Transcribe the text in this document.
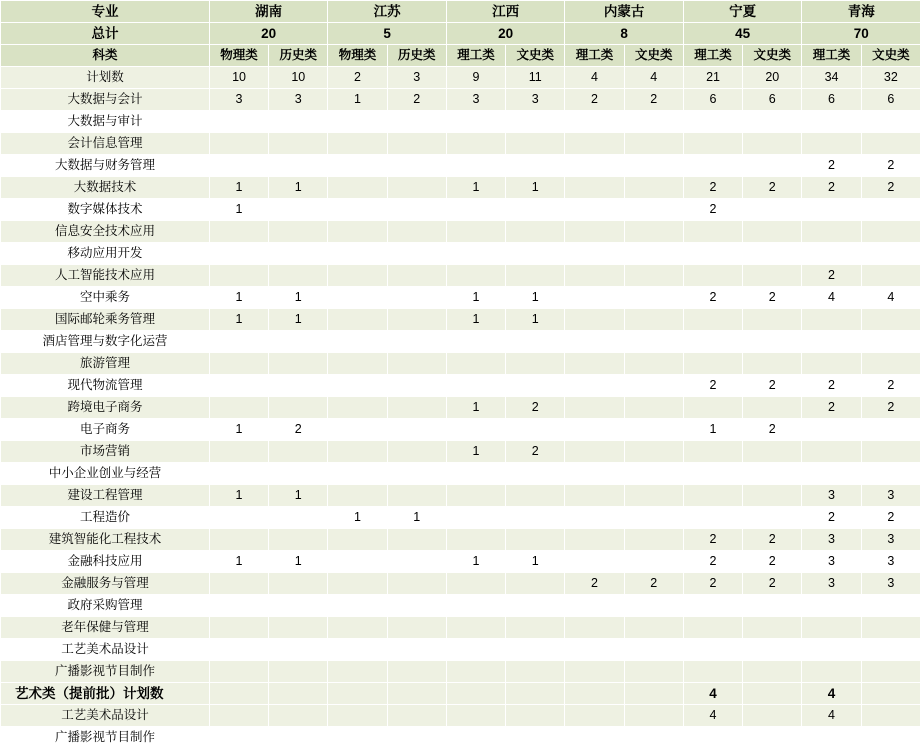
专业	湖南		江苏		江西		内蒙古		宁夏		青海	
总计	20		5		20		8		45		70	
科类	物理类	历史类	物理类	历史类	理工类	文史类	理工类	文史类	理工类	文史类	理工类	文史类
计划数	10	10	2	3	9	11	4	4	21	20	34	32
大数据与会计	3	3	1	2	3	3	2	2	6	6	6	6
大数据与审计												
会计信息管理												
大数据与财务管理											2	2
大数据技术	1	1			1	1			2	2	2	2
数字媒体技术	1								2			
信息安全技术应用												
移动应用开发												
人工智能技术应用											2	
空中乘务	1	1			1	1			2	2	4	4
国际邮轮乘务管理	1	1			1	1						
酒店管理与数字化运营												
旅游管理												
现代物流管理									2	2	2	2
跨境电子商务					1	2					2	2
电子商务	1	2							1	2		
市场营销					1	2						
中小企业创业与经营												
建设工程管理	1	1									3	3
工程造价			1	1							2	2
建筑智能化工程技术									2	2	3	3
金融科技应用	1	1			1	1			2	2	3	3
金融服务与管理							2	2	2	2	3	3
政府采购管理												
老年保健与管理												
工艺美术品设计												
广播影视节目制作												
艺术类（提前批）计划数									4		4	
工艺美术品设计									4		4	
广播影视节目制作												
